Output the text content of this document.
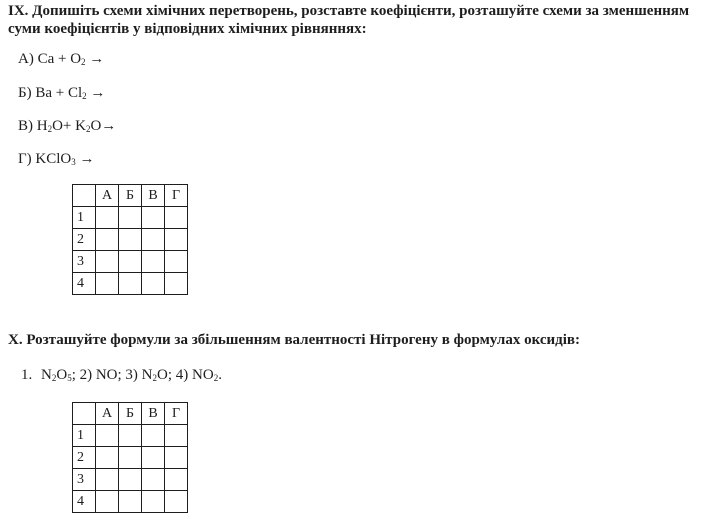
IX. Допишіть схеми хімічних перетворень, розставте коефіцієнти, розташуйте схеми за зменшенням суми коефіцієнтів у відповідних хімічних рівняннях:
А) $Ca + O_2$ →
Б) $Ba + Cl_2$ →
В) $H_2O+ K_2O\to$
Г) KClO$_3$ →
	А	Б	В	Г
1				
2				
3				
4				
X. Розташуйте формули за збільшенням валентності Нітрогену в формулах оксидів:
1. $N_2O_5$; 2) NO; 3) $N_2O$; 4) $NO_2$.
	А	Б	В	Г
1				
2				
3				
4				
